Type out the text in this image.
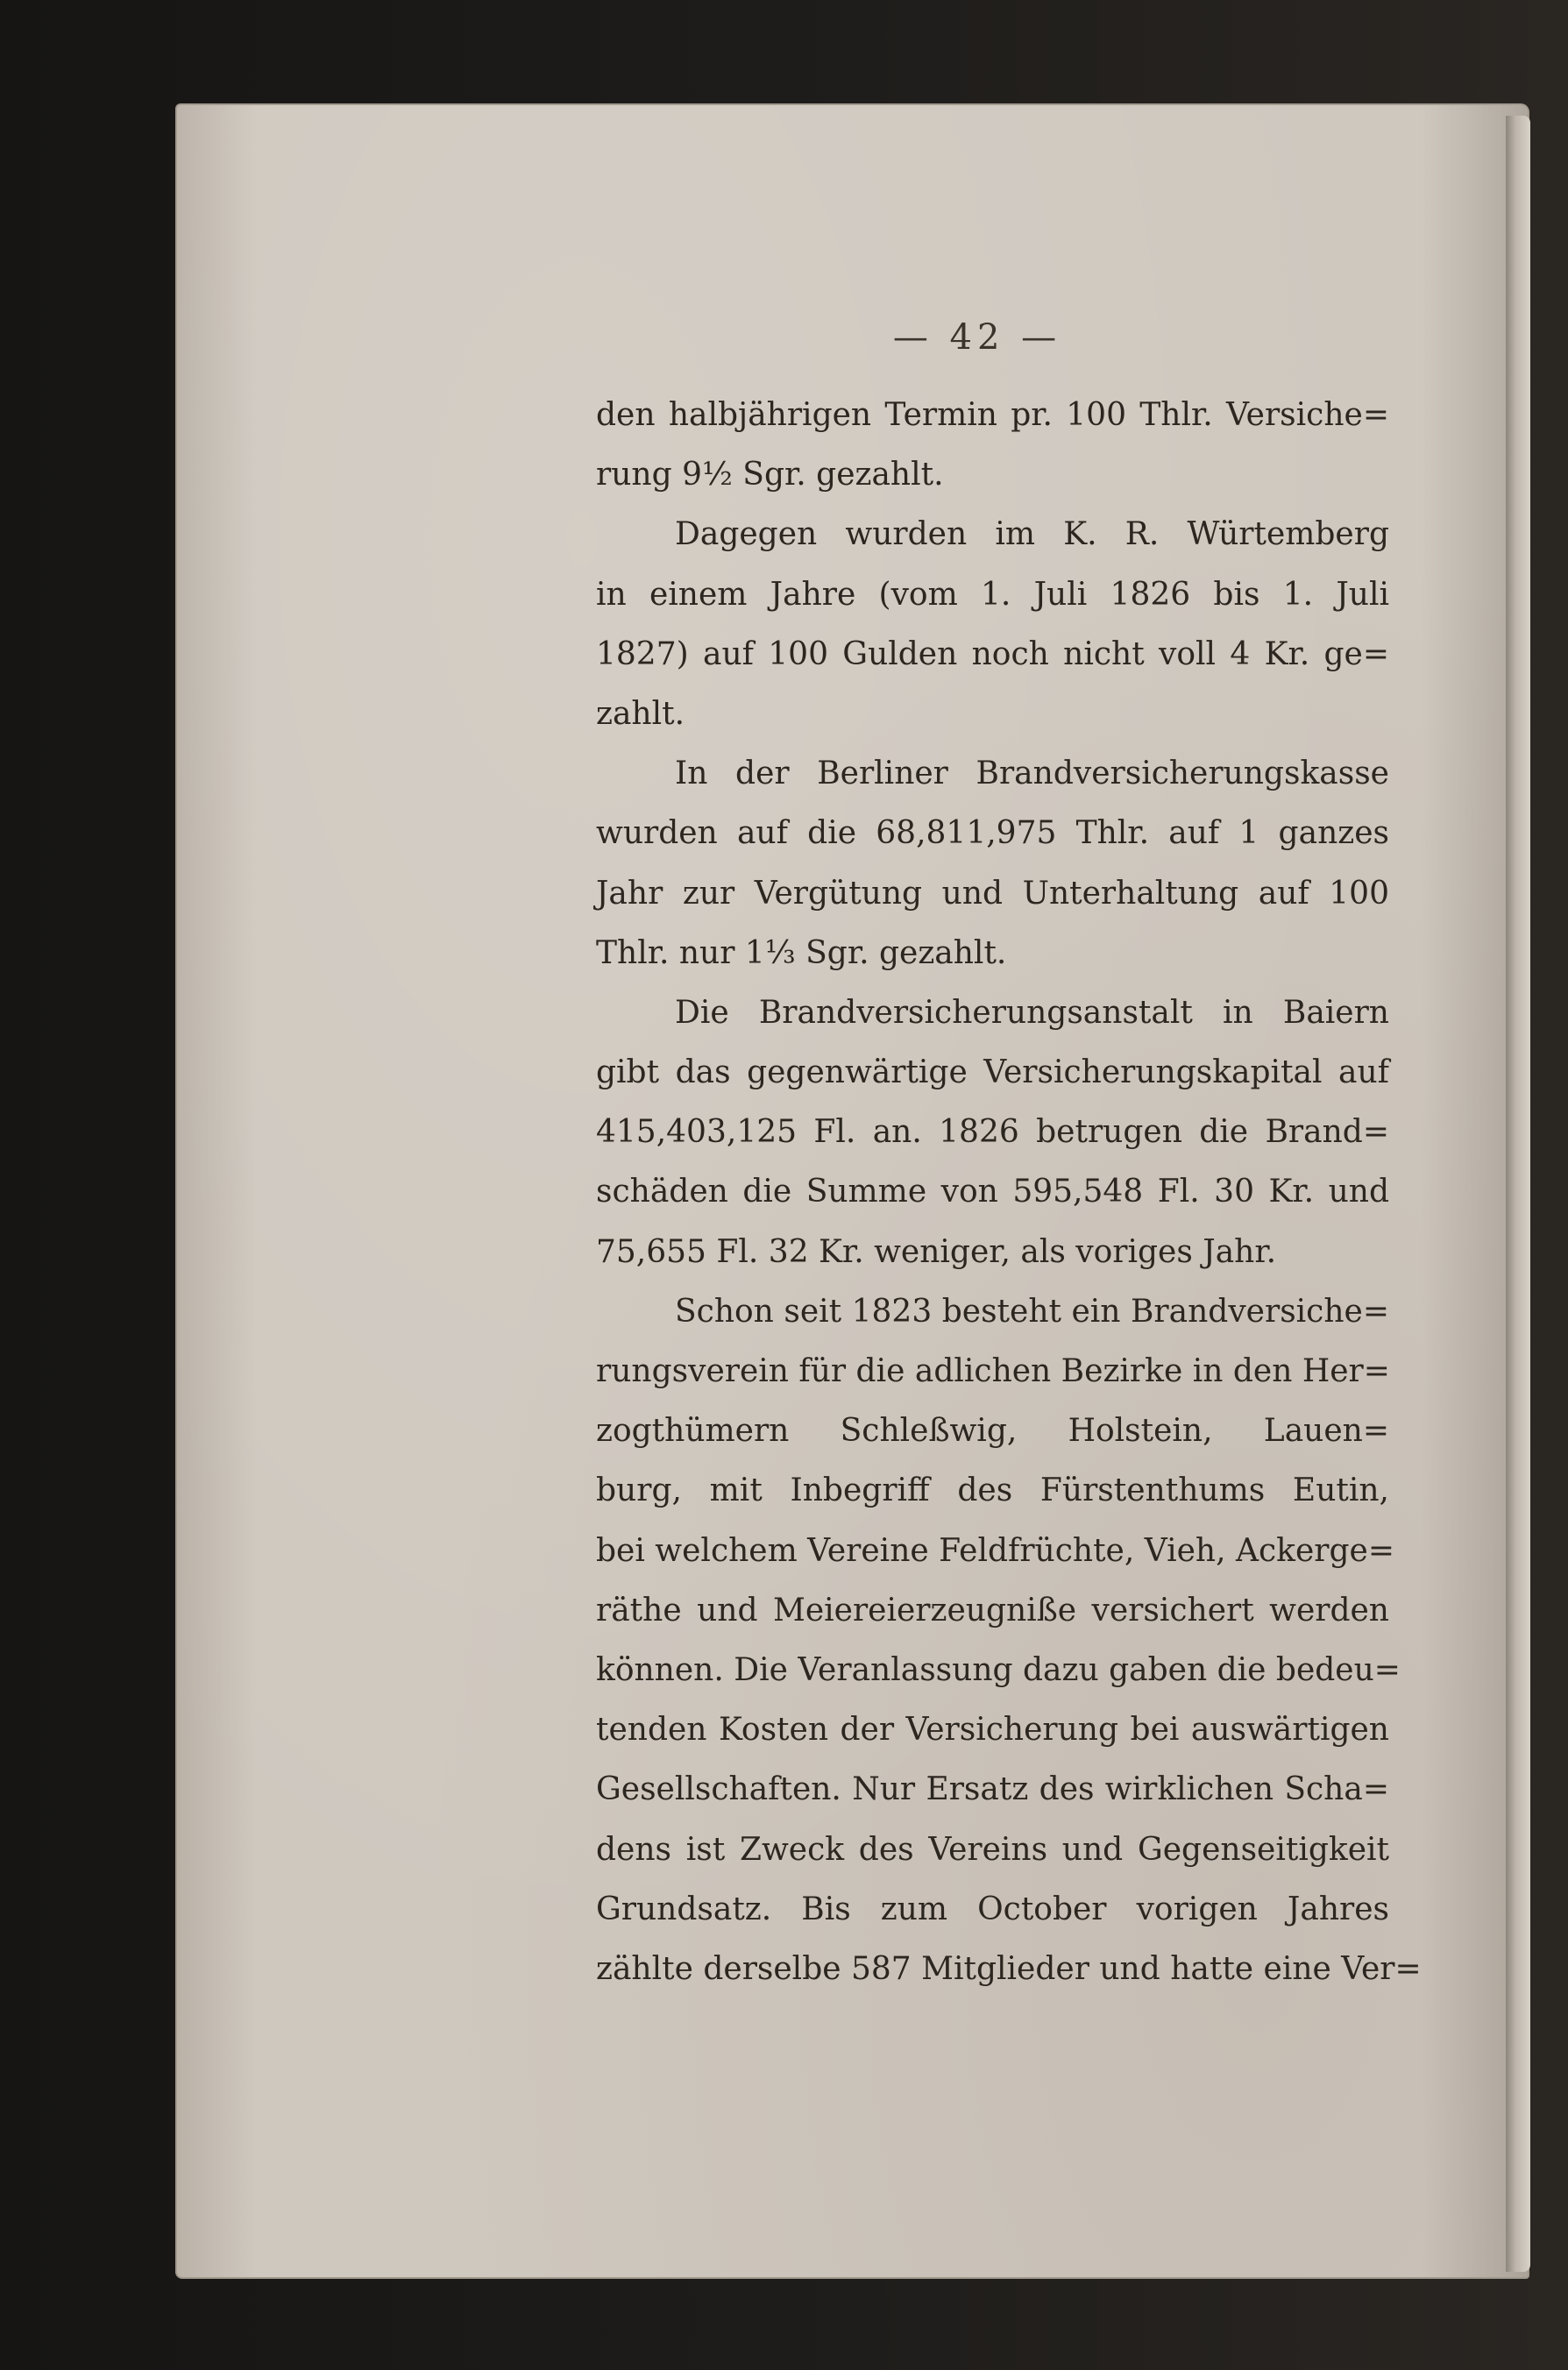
— 42 —
den halbjährigen Termin pr. 100 Thlr. Versiche=
rung 9½ Sgr. gezahlt.
Dagegen wurden im K. R. Würtemberg
in einem Jahre (vom 1. Juli 1826 bis 1. Juli
1827) auf 100 Gulden noch nicht voll 4 Kr. ge=
zahlt.
In der Berliner Brandversicherungskasse
wurden auf die 68,811,975 Thlr. auf 1 ganzes
Jahr zur Vergütung und Unterhaltung auf 100
Thlr. nur 1⅓ Sgr. gezahlt.
Die Brandversicherungsanstalt in Baiern
gibt das gegenwärtige Versicherungskapital auf
415,403,125 Fl. an. 1826 betrugen die Brand=
schäden die Summe von 595,548 Fl. 30 Kr. und
75,655 Fl. 32 Kr. weniger, als voriges Jahr.
Schon seit 1823 besteht ein Brandversiche=
rungsverein für die adlichen Bezirke in den Her=
zogthümern Schleßwig, Holstein, Lauen=
burg, mit Inbegriff des Fürstenthums Eutin,
bei welchem Vereine Feldfrüchte, Vieh, Ackerge=
räthe und Meiereierzeugniße versichert werden
können. Die Veranlassung dazu gaben die bedeu=
tenden Kosten der Versicherung bei auswärtigen
Gesellschaften. Nur Ersatz des wirklichen Scha=
dens ist Zweck des Vereins und Gegenseitigkeit
Grundsatz. Bis zum October vorigen Jahres
zählte derselbe 587 Mitglieder und hatte eine Ver=
